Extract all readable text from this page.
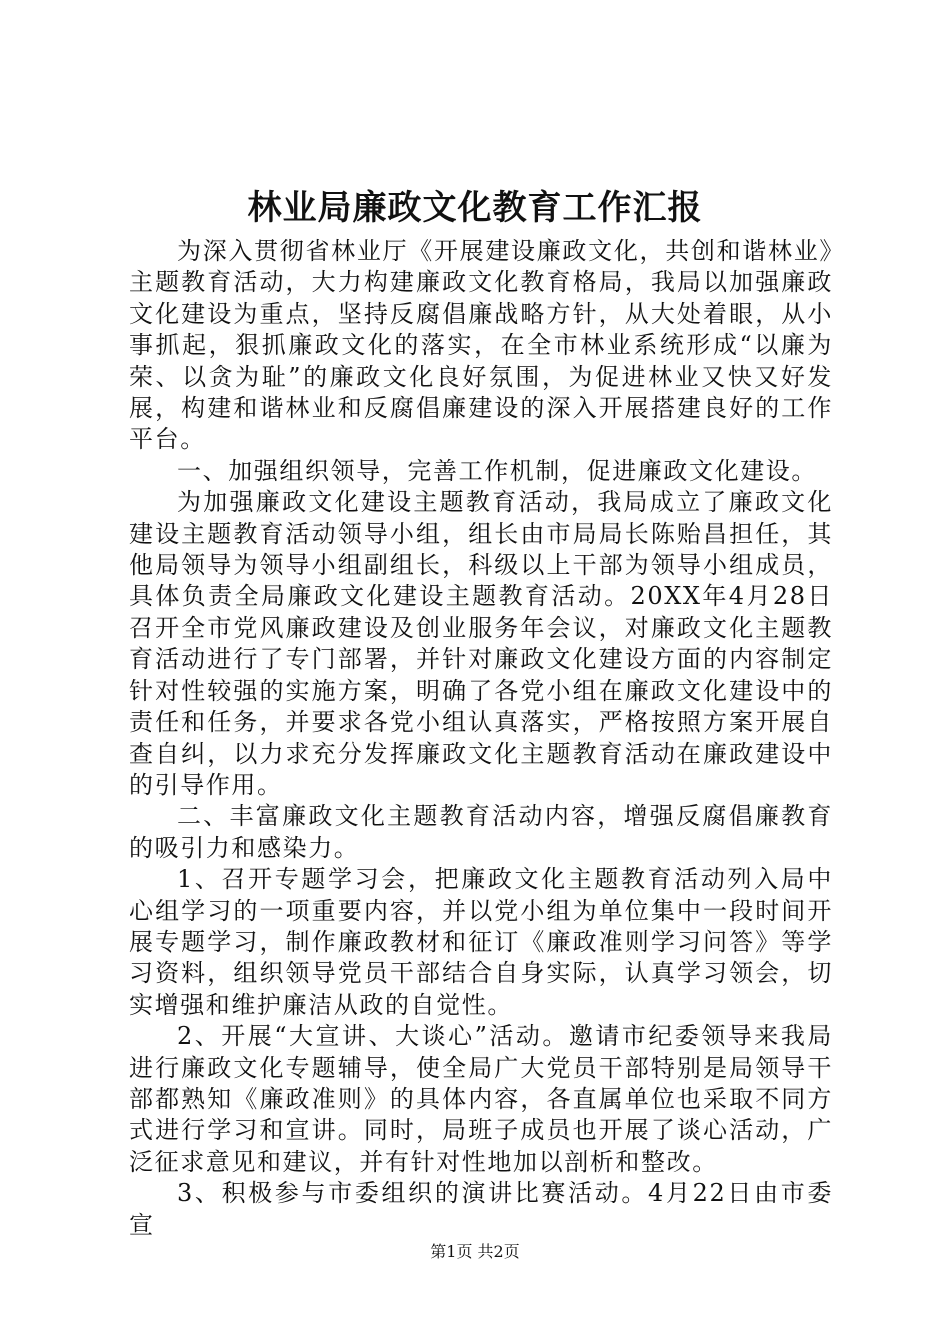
林业局廉政文化教育工作汇报

为深入贯彻省林业厅《开展建设廉政文化，共创和谐林业》主题教育活动，大力构建廉政文化教育格局，我局以加强廉政文化建设为重点，坚持反腐倡廉战略方针，从大处着眼，从小事抓起，狠抓廉政文化的落实，在全市林业系统形成“以廉为荣、以贪为耻”的廉政文化良好氛围，为促进林业又快又好发展，构建和谐林业和反腐倡廉建设的深入开展搭建良好的工作平台。

一、加强组织领导，完善工作机制，促进廉政文化建设。

为加强廉政文化建设主题教育活动，我局成立了廉政文化建设主题教育活动领导小组，组长由市局局长陈贻昌担任，其他局领导为领导小组副组长，科级以上干部为领导小组成员，具体负责全局廉政文化建设主题教育活动。20XX年4月28日召开全市党风廉政建设及创业服务年会议，对廉政文化主题教育活动进行了专门部署，并针对廉政文化建设方面的内容制定针对性较强的实施方案，明确了各党小组在廉政文化建设中的责任和任务，并要求各党小组认真落实，严格按照方案开展自查自纠，以力求充分发挥廉政文化主题教育活动在廉政建设中的引导作用。

二、丰富廉政文化主题教育活动内容，增强反腐倡廉教育的吸引力和感染力。

1、召开专题学习会，把廉政文化主题教育活动列入局中心组学习的一项重要内容，并以党小组为单位集中一段时间开展专题学习，制作廉政教材和征订《廉政准则学习问答》等学习资料，组织领导党员干部结合自身实际，认真学习领会，切实增强和维护廉洁从政的自觉性。

2、开展“大宣讲、大谈心”活动。邀请市纪委领导来我局进行廉政文化专题辅导，使全局广大党员干部特别是局领导干部都熟知《廉政准则》的具体内容，各直属单位也采取不同方式进行学习和宣讲。同时，局班子成员也开展了谈心活动，广泛征求意见和建议，并有针对性地加以剖析和整改。

3、积极参与市委组织的演讲比赛活动。4月22日由市委宣

第1页 共2页
